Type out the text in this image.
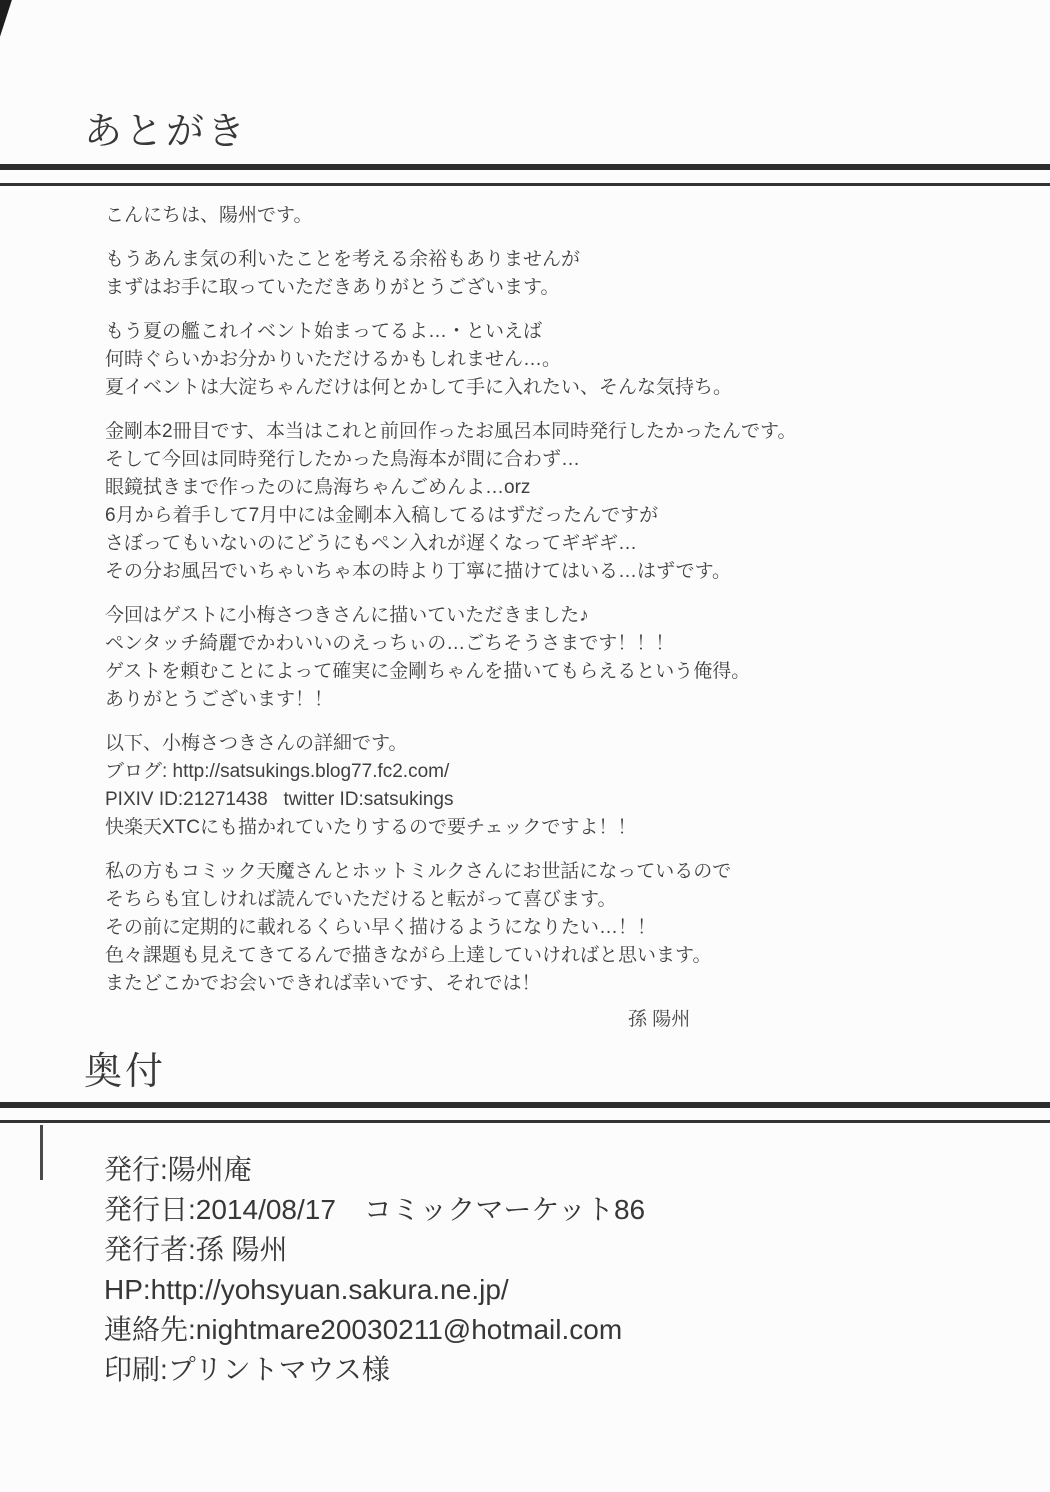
あとがき

こんにちは、陽州です。

もうあんま気の利いたことを考える余裕もありませんが
まずはお手に取っていただきありがとうございます。

もう夏の艦これイベント始まってるよ…・といえば
何時ぐらいかお分かりいただけるかもしれません…。
夏イベントは大淀ちゃんだけは何とかして手に入れたい、そんな気持ち。

金剛本2冊目です、本当はこれと前回作ったお風呂本同時発行したかったんです。
そして今回は同時発行したかった鳥海本が間に合わず…
眼鏡拭きまで作ったのに鳥海ちゃんごめんよ…orz
6月から着手して7月中には金剛本入稿してるはずだったんですが
さぼってもいないのにどうにもペン入れが遅くなってギギギ…
その分お風呂でいちゃいちゃ本の時より丁寧に描けてはいる…はずです。

今回はゲストに小梅さつきさんに描いていただきました♪
ペンタッチ綺麗でかわいいのえっちぃの…ごちそうさまです！！！
ゲストを頼むことによって確実に金剛ちゃんを描いてもらえるという俺得。
ありがとうございます！！

以下、小梅さつきさんの詳細です。
ブログ: http://satsukings.blog77.fc2.com/
PIXIV ID:21271438   twitter ID:satsukings
快楽天XTCにも描かれていたりするので要チェックですよ！！

私の方もコミック天魔さんとホットミルクさんにお世話になっているので
そちらも宜しければ読んでいただけると転がって喜びます。
その前に定期的に載れるくらい早く描けるようになりたい…！！
色々課題も見えてきてるんで描きながら上達していければと思います。
またどこかでお会いできれば幸いです、それでは！

孫 陽州
奥付
発行:陽州庵
発行日:2014/08/17　コミックマーケット86
発行者:孫 陽州
HP:http://yohsyuan.sakura.ne.jp/
連絡先:nightmare20030211@hotmail.com
印刷:プリントマウス様
